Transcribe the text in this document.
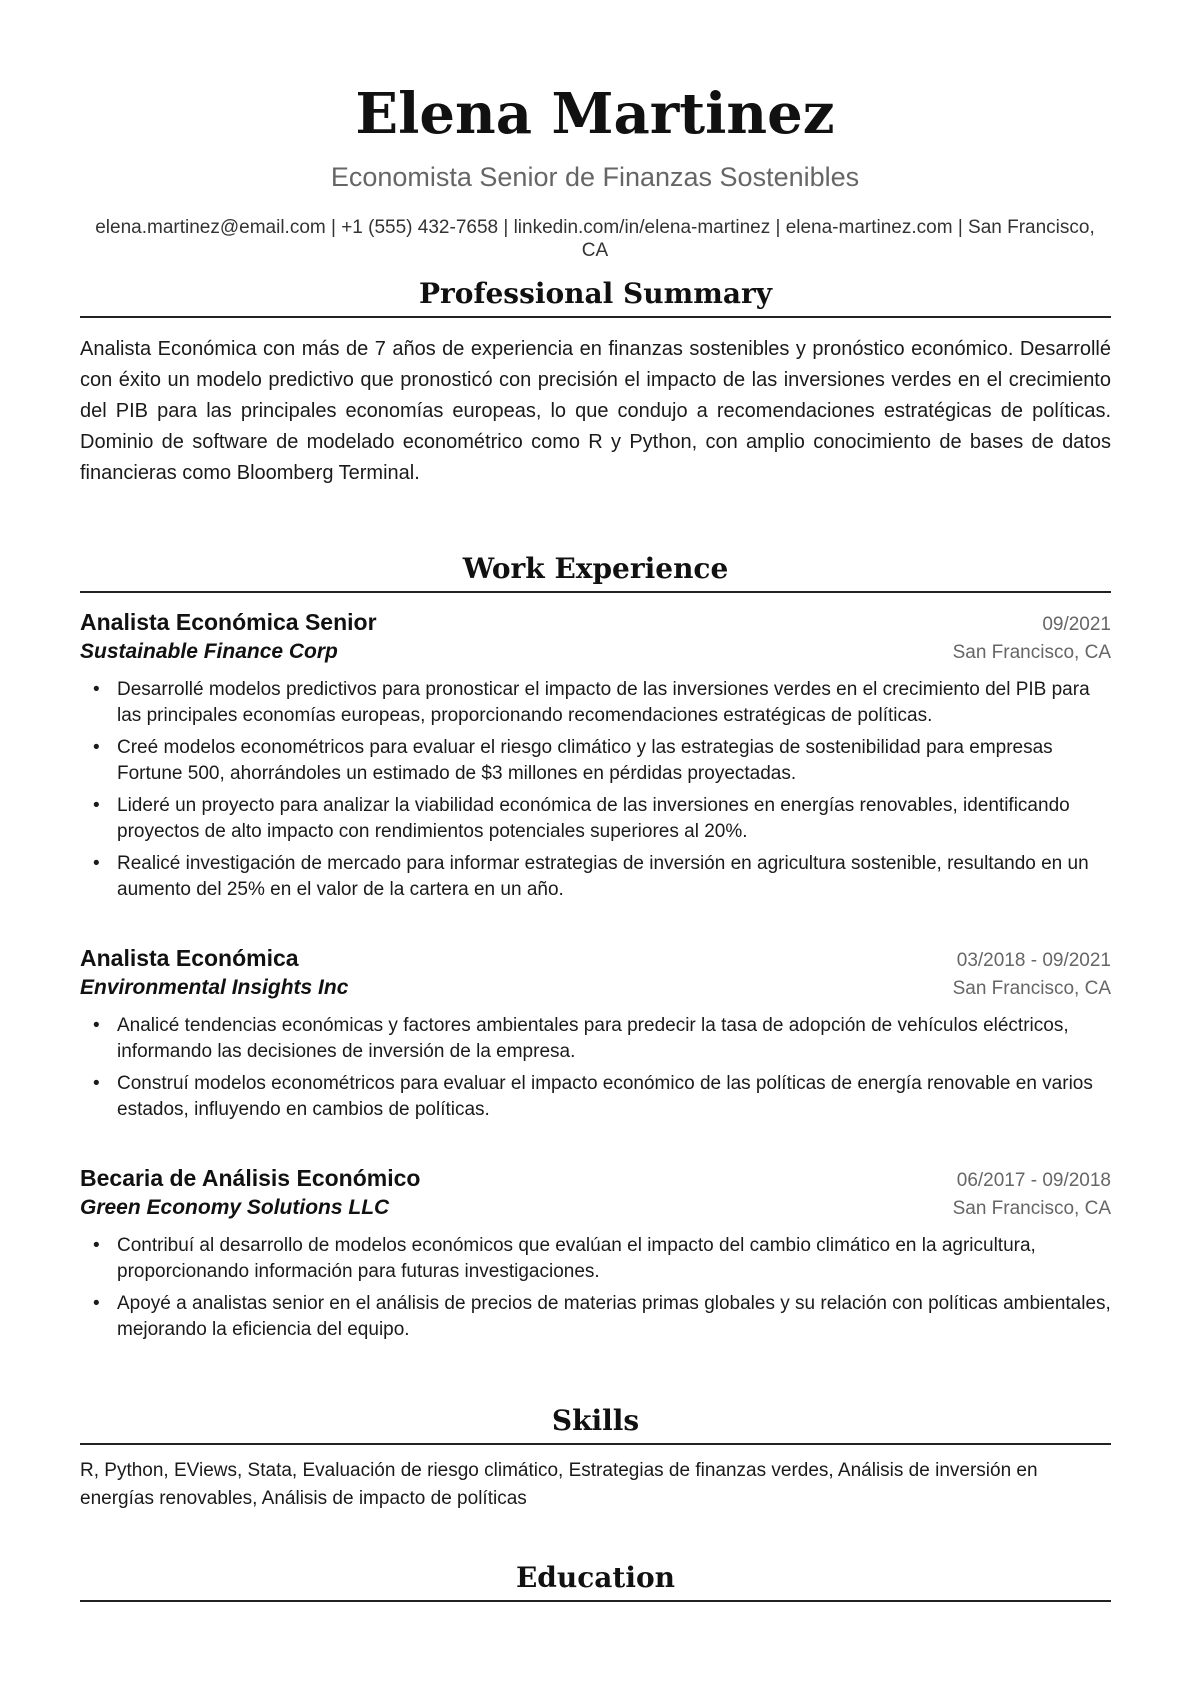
Elena Martinez
Economista Senior de Finanzas Sostenibles
elena.martinez@email.com | +1 (555) 432-7658 | linkedin.com/in/elena-martinez | elena-martinez.com | San Francisco, CA
Professional Summary

Analista Económica con más de 7 años de experiencia en finanzas sostenibles y pronóstico económico. Desarrollé con éxito un modelo predictivo que pronosticó con precisión el impacto de las inversiones verdes en el crecimiento del PIB para las principales economías europeas, lo que condujo a recomendaciones estratégicas de políticas. Dominio de software de modelado econométrico como R y Python, con amplio conocimiento de bases de datos financieras como Bloomberg Terminal.

Work Experience
Analista Económica Senior	09/2021
Sustainable Finance Corp	San Francisco, CA
• Desarrollé modelos predictivos para pronosticar el impacto de las inversiones verdes en el crecimiento del PIB para las principales economías europeas, proporcionando recomendaciones estratégicas de políticas.
• Creé modelos econométricos para evaluar el riesgo climático y las estrategias de sostenibilidad para empresas Fortune 500, ahorrándoles un estimado de $3 millones en pérdidas proyectadas.
• Lideré un proyecto para analizar la viabilidad económica de las inversiones en energías renovables, identificando proyectos de alto impacto con rendimientos potenciales superiores al 20%.
• Realicé investigación de mercado para informar estrategias de inversión en agricultura sostenible, resultando en un aumento del 25% en el valor de la cartera en un año.
Analista Económica	03/2018 - 09/2021
Environmental Insights Inc	San Francisco, CA
• Analicé tendencias económicas y factores ambientales para predecir la tasa de adopción de vehículos eléctricos, informando las decisiones de inversión de la empresa.
• Construí modelos econométricos para evaluar el impacto económico de las políticas de energía renovable en varios estados, influyendo en cambios de políticas.
Becaria de Análisis Económico	06/2017 - 09/2018
Green Economy Solutions LLC	San Francisco, CA
• Contribuí al desarrollo de modelos económicos que evalúan el impacto del cambio climático en la agricultura, proporcionando información para futuras investigaciones.
• Apoyé a analistas senior en el análisis de precios de materias primas globales y su relación con políticas ambientales, mejorando la eficiencia del equipo.
Skills
R, Python, EViews, Stata, Evaluación de riesgo climático, Estrategias de finanzas verdes, Análisis de inversión en energías renovables, Análisis de impacto de políticas
Education
